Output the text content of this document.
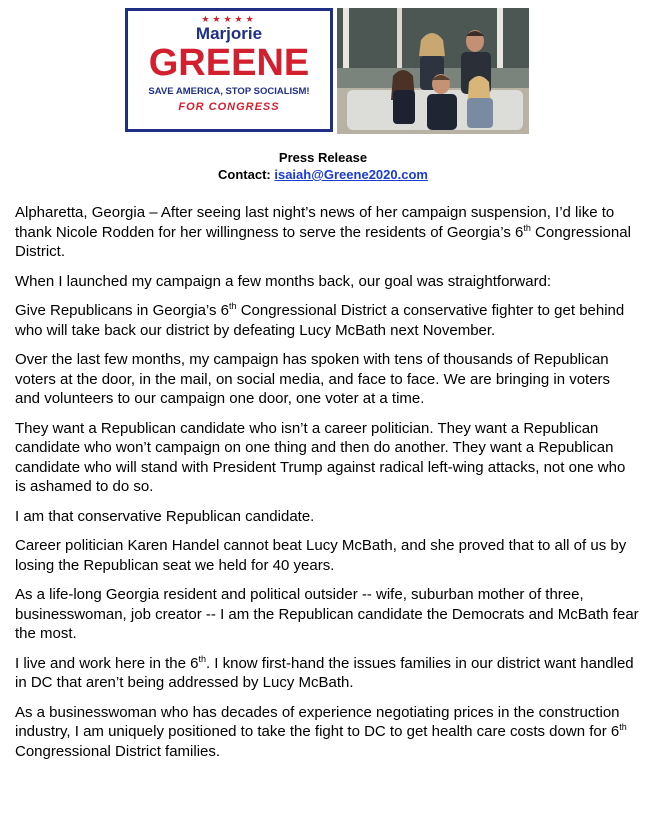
★★★★★
Marjorie
GREENE
SAVE AMERICA, STOP SOCIALISM!
FOR CONGRESS
Press Release
Contact: isaiah@Greene2020.com

Alpharetta, Georgia – After seeing last night’s news of her campaign suspension, I’d like to thank Nicole Rodden for her willingness to serve the residents of Georgia’s 6th Congressional District.

When I launched my campaign a few months back, our goal was straightforward:

Give Republicans in Georgia’s 6th Congressional District a conservative fighter to get behind who will take back our district by defeating Lucy McBath next November.

Over the last few months, my campaign has spoken with tens of thousands of Republican voters at the door, in the mail, on social media, and face to face. We are bringing in voters and volunteers to our campaign one door, one voter at a time.

They want a Republican candidate who isn’t a career politician. They want a Republican candidate who won’t campaign on one thing and then do another. They want a Republican candidate who will stand with President Trump against radical left-wing attacks, not one who is ashamed to do so.

I am that conservative Republican candidate.

Career politician Karen Handel cannot beat Lucy McBath, and she proved that to all of us by losing the Republican seat we held for 40 years.

As a life-long Georgia resident and political outsider -- wife, suburban mother of three, businesswoman, job creator -- I am the Republican candidate the Democrats and McBath fear the most.

I live and work here in the 6th. I know first-hand the issues families in our district want handled in DC that aren’t being addressed by Lucy McBath.

As a businesswoman who has decades of experience negotiating prices in the construction industry, I am uniquely positioned to take the fight to DC to get health care costs down for 6th Congressional District families.
